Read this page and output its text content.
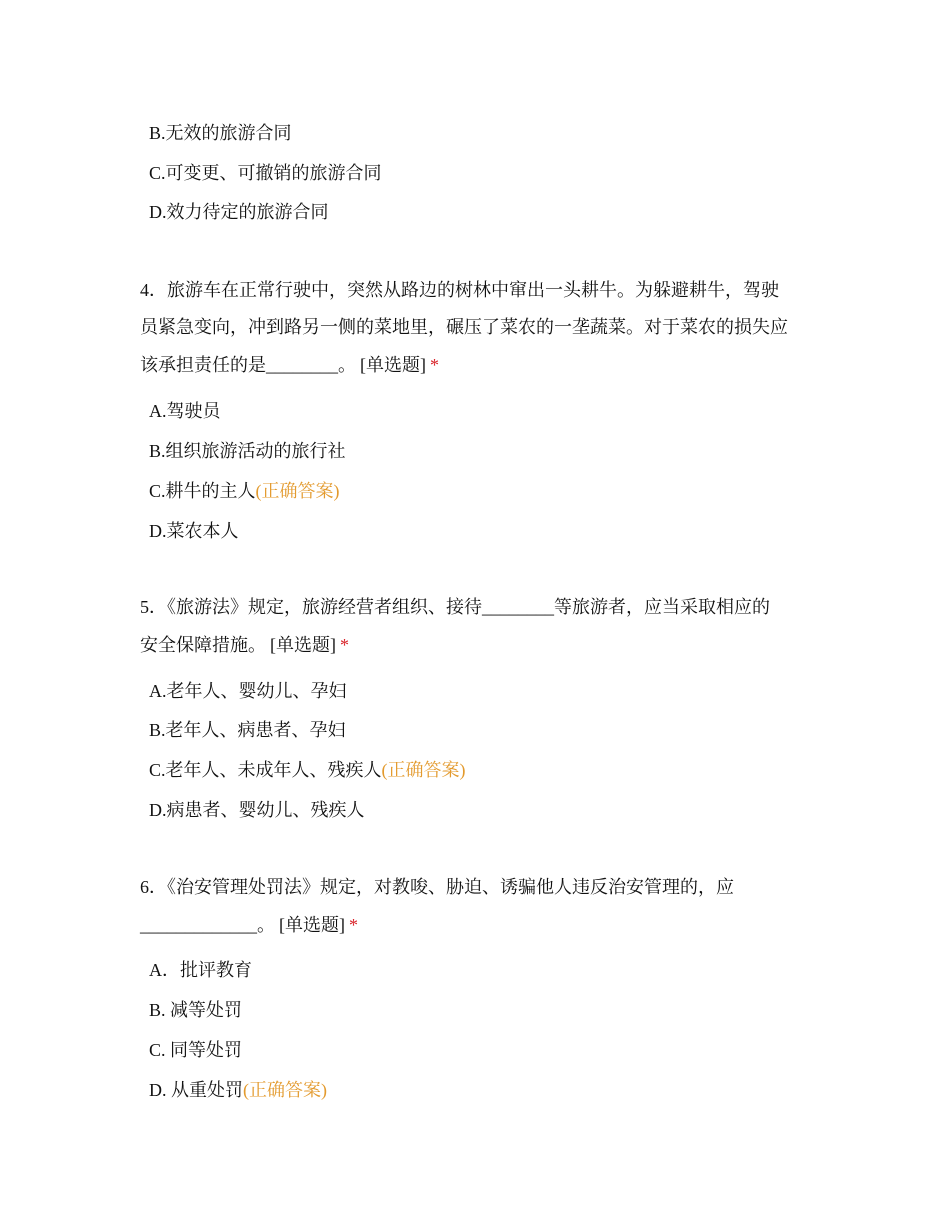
B.无效的旅游合同
C.可变更、可撤销的旅游合同
D.效力待定的旅游合同
4．旅游车在正常行驶中，突然从路边的树林中窜出一头耕牛。为躲避耕牛，驾驶
员紧急变向，冲到路另一侧的菜地里，碾压了菜农的一垄蔬菜。对于菜农的损失应
该承担责任的是________。 [单选题] *
A.驾驶员
B.组织旅游活动的旅行社
C.耕牛的主人(正确答案)
D.菜农本人
5．《旅游法》规定，旅游经营者组织、接待________等旅游者，应当采取相应的
安全保障措施。 [单选题] *
A.老年人、婴幼儿、孕妇
B.老年人、病患者、孕妇
C.老年人、未成年人、残疾人(正确答案)
D.病患者、婴幼儿、残疾人
6．《治安管理处罚法》规定，对教唆、胁迫、诱骗他人违反治安管理的，应
_____________。 [单选题] *
A．批评教育
B. 减等处罚
C. 同等处罚
D. 从重处罚(正确答案)
